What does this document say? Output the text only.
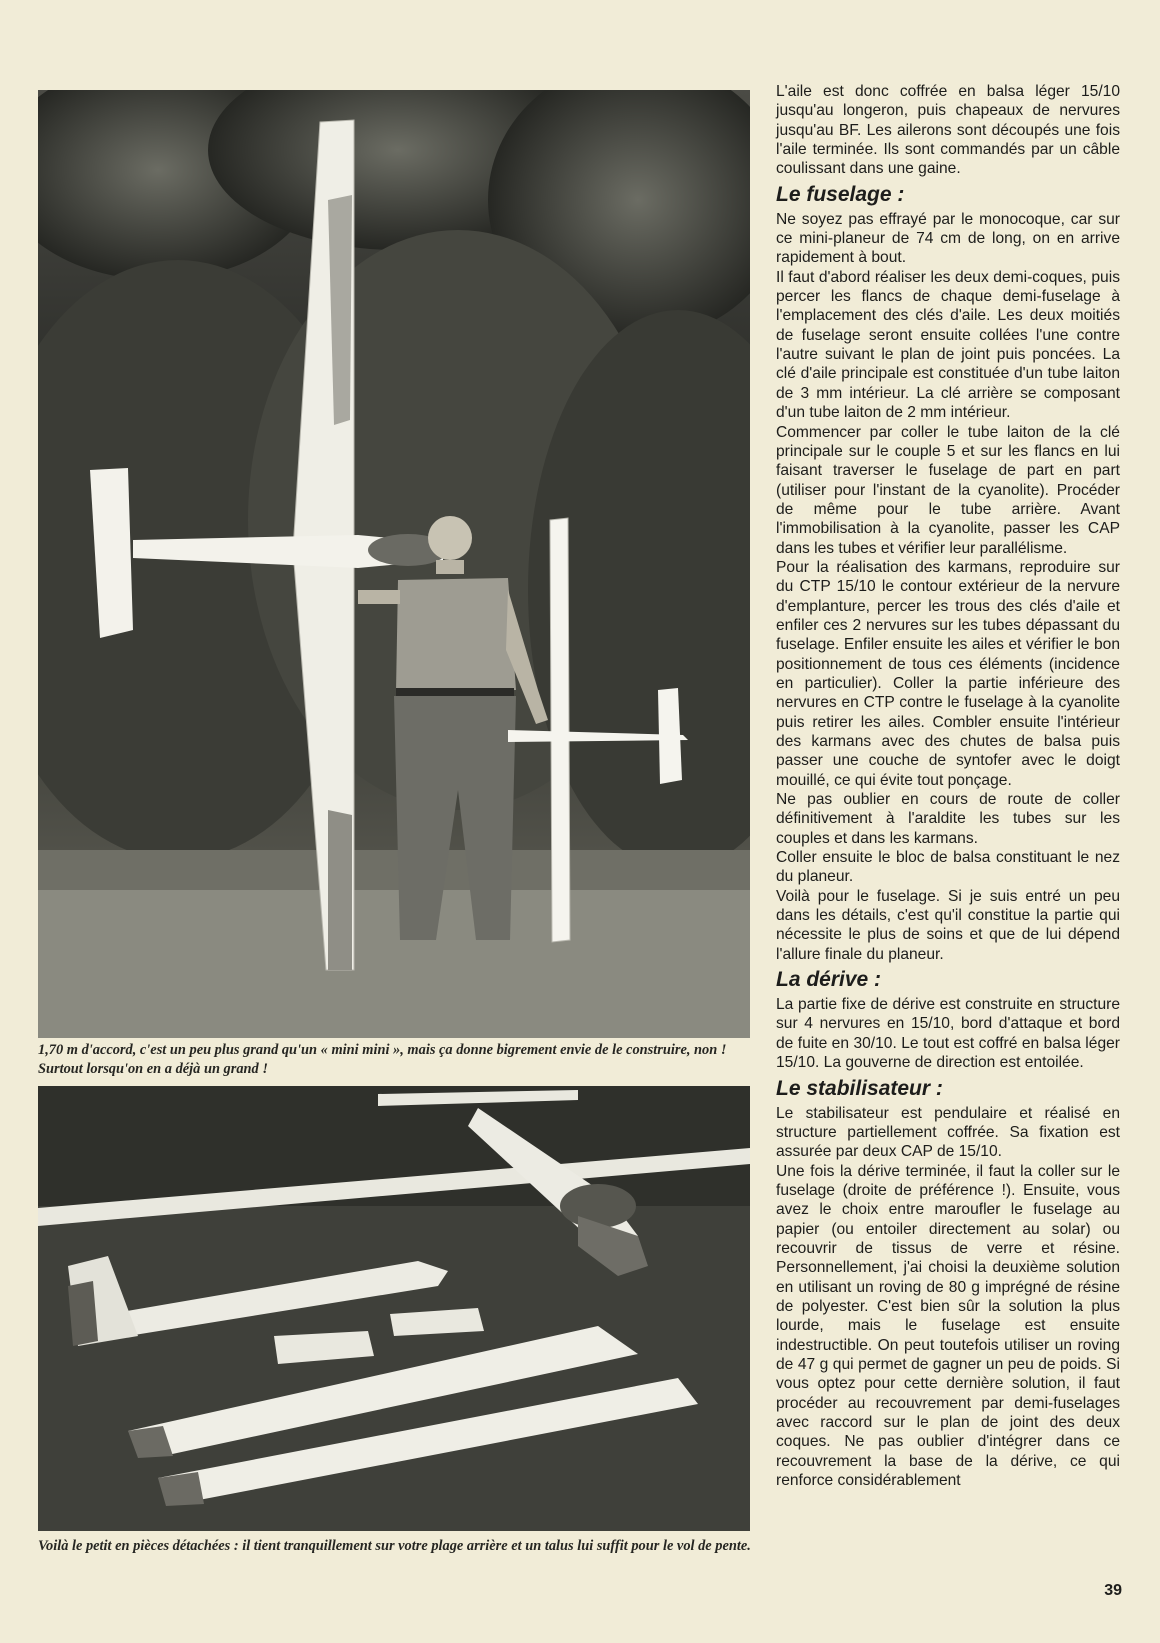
1,70 m d'accord, c'est un peu plus grand qu'un « mini mini », mais ça donne bigrement envie de le construire, non ! Surtout lorsqu'on en a déjà un grand !

Voilà le petit en pièces détachées : il tient tranquillement sur votre plage arrière et un talus lui suffit pour le vol de pente.

L'aile est donc coffrée en balsa léger 15/10 jusqu'au longeron, puis chapeaux de nervures jusqu'au BF. Les ailerons sont découpés une fois l'aile terminée. Ils sont commandés par un câble coulissant dans une gaine.

Le fuselage :

Ne soyez pas effrayé par le monocoque, car sur ce mini-planeur de 74 cm de long, on en arrive rapidement à bout.

Il faut d'abord réaliser les deux demi-coques, puis percer les flancs de chaque demi-fuselage à l'emplacement des clés d'aile. Les deux moitiés de fuselage seront ensuite collées l'une contre l'autre suivant le plan de joint puis poncées. La clé d'aile principale est constituée d'un tube laiton de 3 mm intérieur. La clé arrière se composant d'un tube laiton de 2 mm intérieur.

Commencer par coller le tube laiton de la clé principale sur le couple 5 et sur les flancs en lui faisant traverser le fuselage de part en part (utiliser pour l'instant de la cyanolite). Procéder de même pour le tube arrière. Avant l'immobilisation à la cyanolite, passer les CAP dans les tubes et vérifier leur parallélisme.

Pour la réalisation des karmans, reproduire sur du CTP 15/10 le contour extérieur de la nervure d'emplanture, percer les trous des clés d'aile et enfiler ces 2 nervures sur les tubes dépassant du fuselage. Enfiler ensuite les ailes et vérifier le bon positionnement de tous ces éléments (incidence en particulier). Coller la partie inférieure des nervures en CTP contre le fuselage à la cyanolite puis retirer les ailes. Combler ensuite l'intérieur des karmans avec des chutes de balsa puis passer une couche de syntofer avec le doigt mouillé, ce qui évite tout ponçage.

Ne pas oublier en cours de route de coller définitivement à l'araldite les tubes sur les couples et dans les karmans.

Coller ensuite le bloc de balsa constituant le nez du planeur.

Voilà pour le fuselage. Si je suis entré un peu dans les détails, c'est qu'il constitue la partie qui nécessite le plus de soins et que de lui dépend l'allure finale du planeur.

La dérive :

La partie fixe de dérive est construite en structure sur 4 nervures en 15/10, bord d'attaque et bord de fuite en 30/10. Le tout est coffré en balsa léger 15/10. La gouverne de direction est entoilée.

Le stabilisateur :

Le stabilisateur est pendulaire et réalisé en structure partiellement coffrée. Sa fixation est assurée par deux CAP de 15/10.

Une fois la dérive terminée, il faut la coller sur le fuselage (droite de préférence !). Ensuite, vous avez le choix entre maroufler le fuselage au papier (ou entoiler directement au solar) ou recouvrir de tissus de verre et résine. Personnellement, j'ai choisi la deuxième solution en utilisant un roving de 80 g imprégné de résine de polyester. C'est bien sûr la solution la plus lourde, mais le fuselage est ensuite indestructible. On peut toutefois utiliser un roving de 47 g qui permet de gagner un peu de poids. Si vous optez pour cette dernière solution, il faut procéder au recouvrement par demi-fuselages avec raccord sur le plan de joint des deux coques. Ne pas oublier d'intégrer dans ce recouvrement la base de la dérive, ce qui renforce considérablement

39
